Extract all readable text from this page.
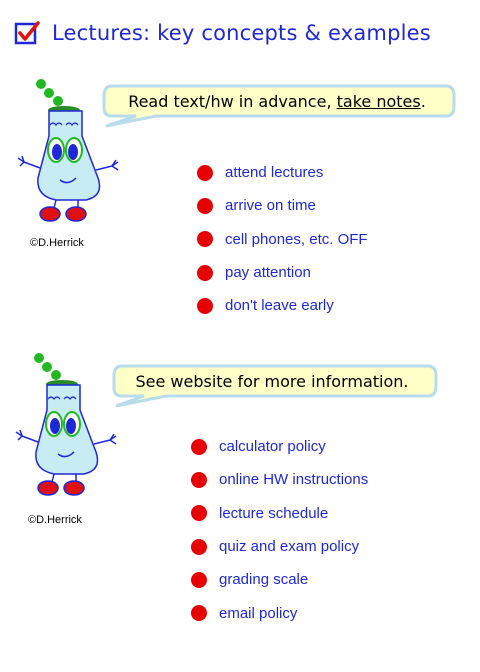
Lectures: key concepts & examples
©D.Herrick
Read text/hw in advance, take notes.
attend lectures
arrive on time
cell phones, etc. OFF
pay attention
don't leave early
©D.Herrick
See website for more information.
calculator policy
online HW instructions
lecture schedule
quiz and exam policy
grading scale
email policy
